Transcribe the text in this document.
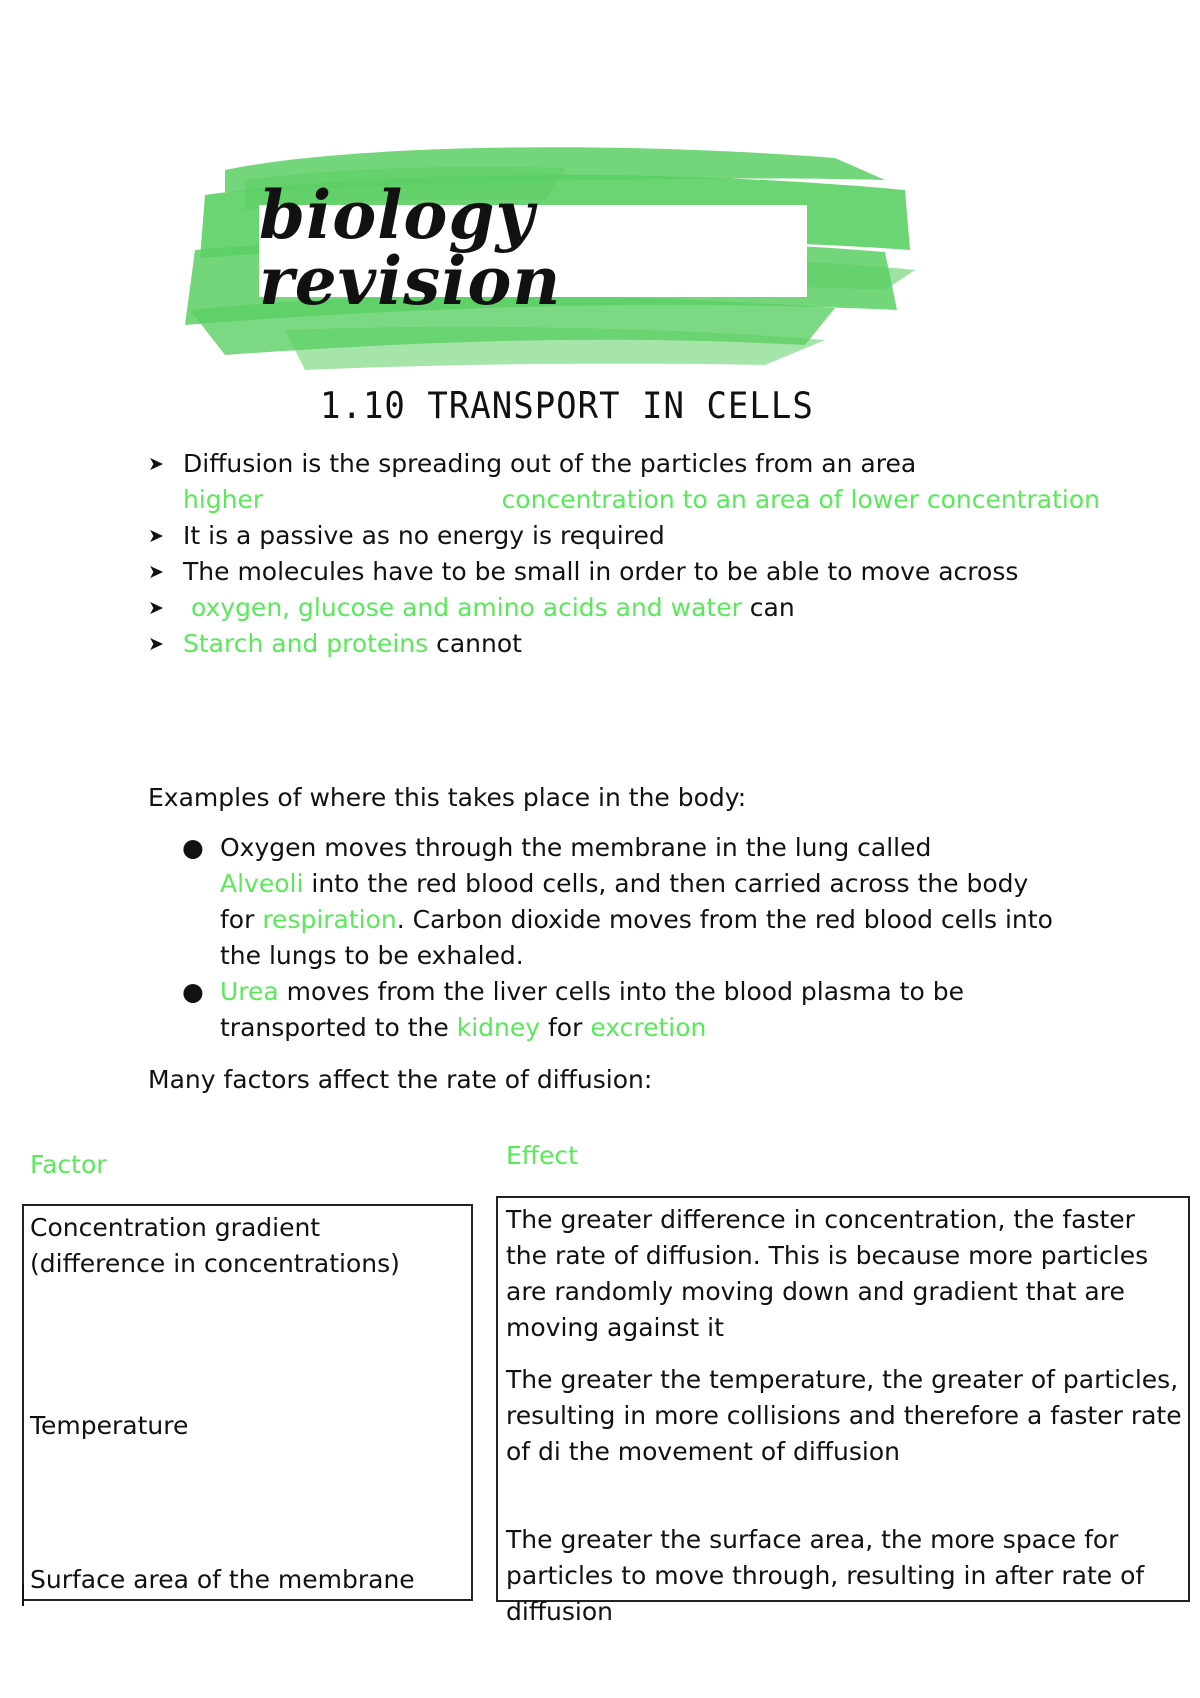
biology revision
1.10 TRANSPORT IN CELLS
➤ Diffusion is the spreading out of the particles from an area
higher                              concentration to an area of lower concentration
➤ It is a passive as no energy is required
➤ The molecules have to be small in order to be able to move across
➤ oxygen, glucose and amino acids and water can
➤ Starch and proteins cannot
Examples of where this takes place in the body:
● Oxygen moves through the membrane in the lung called
Alveoli into the red blood cells, and then carried across the body for respiration. Carbon dioxide moves from the red blood cells into the lungs to be exhaled.
● Urea moves from the liver cells into the blood plasma to be transported to the kidney for excretion
Many factors affect the rate of diffusion:
Factor	Effect
Concentration gradient (difference in concentrations)
Temperature
Surface area of the membrane
The greater difference in concentration, the faster the rate of diffusion. This is because more particles are randomly moving down and gradient that are moving against it
The greater the temperature, the greater of particles, resulting in more collisions and therefore a faster rate of di the movement of diffusion
The greater the surface area, the more space for particles to move through, resulting in after rate of diffusion
